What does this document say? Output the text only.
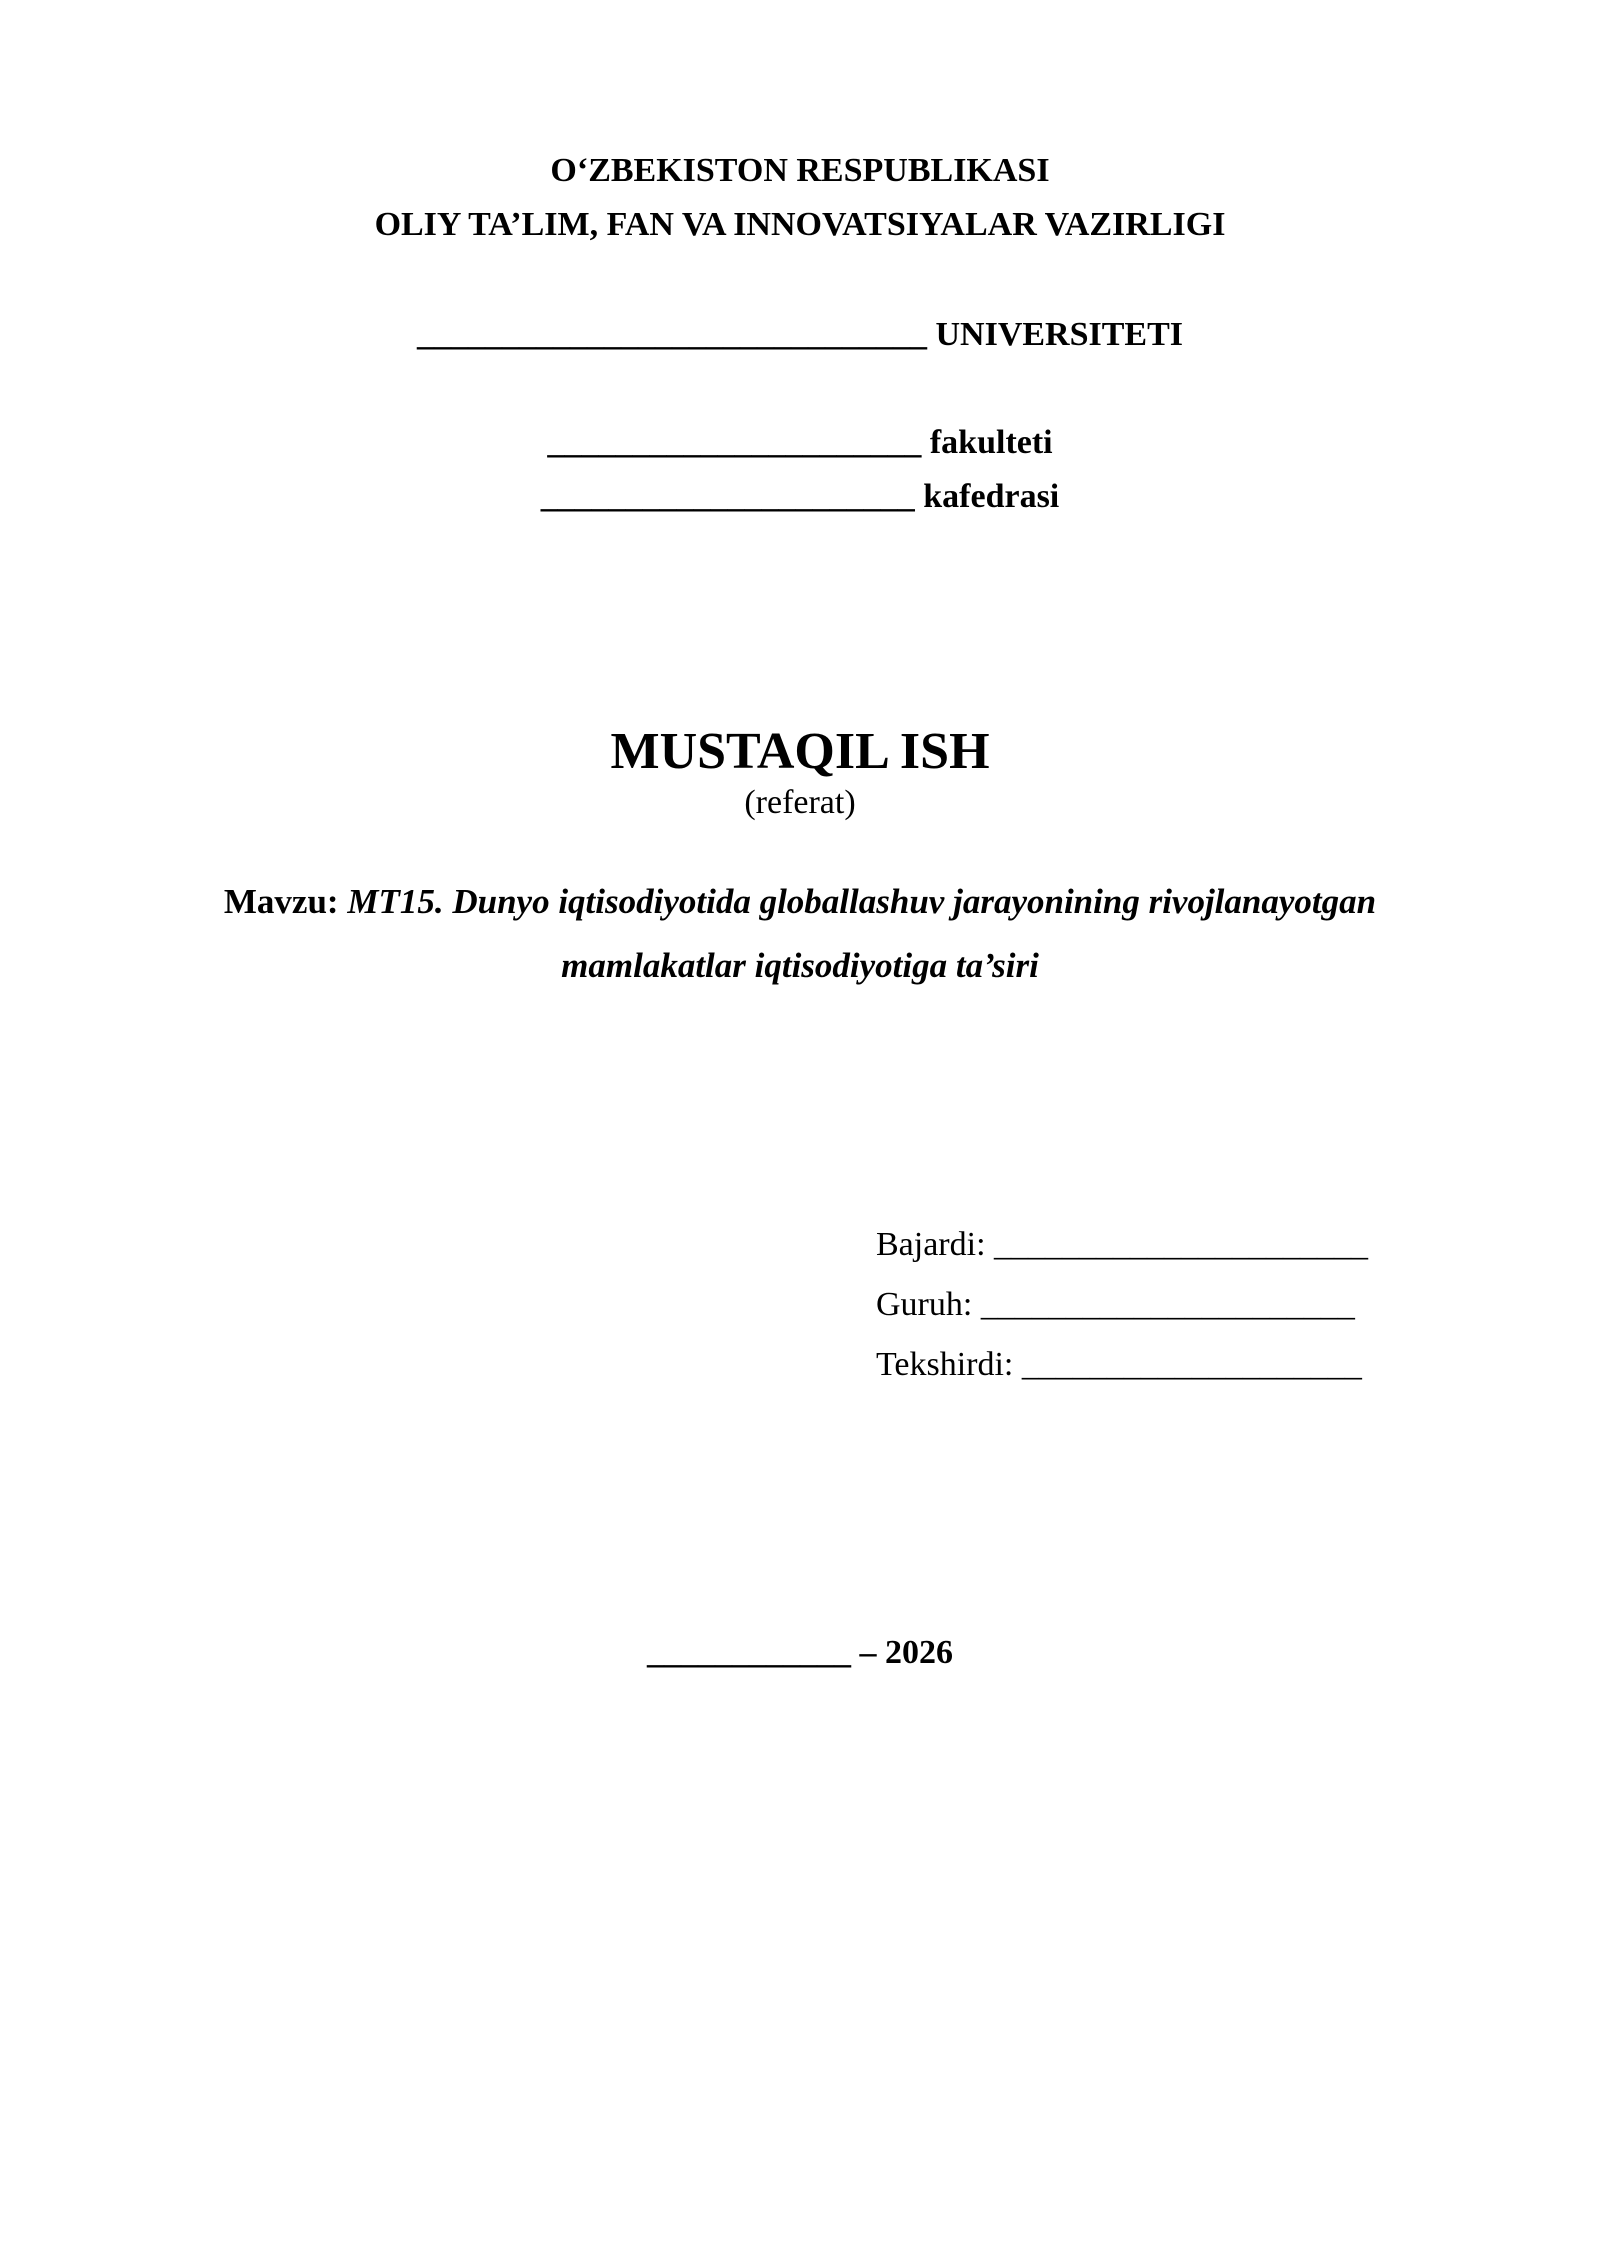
O‘ZBEKISTON RESPUBLIKASI
OLIY TA’LIM, FAN VA INNOVATSIYALAR VAZIRLIGI
______________________________ UNIVERSITETI
______________________ fakulteti
______________________ kafedrasi
MUSTAQIL ISH
(referat)
Mavzu: MT15. Dunyo iqtisodiyotida globallashuv jarayonining rivojlanayotgan
mamlakatlar iqtisodiyotiga ta’siri
Bajardi: ______________________
Guruh: ______________________
Tekshirdi: ____________________
____________ – 2026
